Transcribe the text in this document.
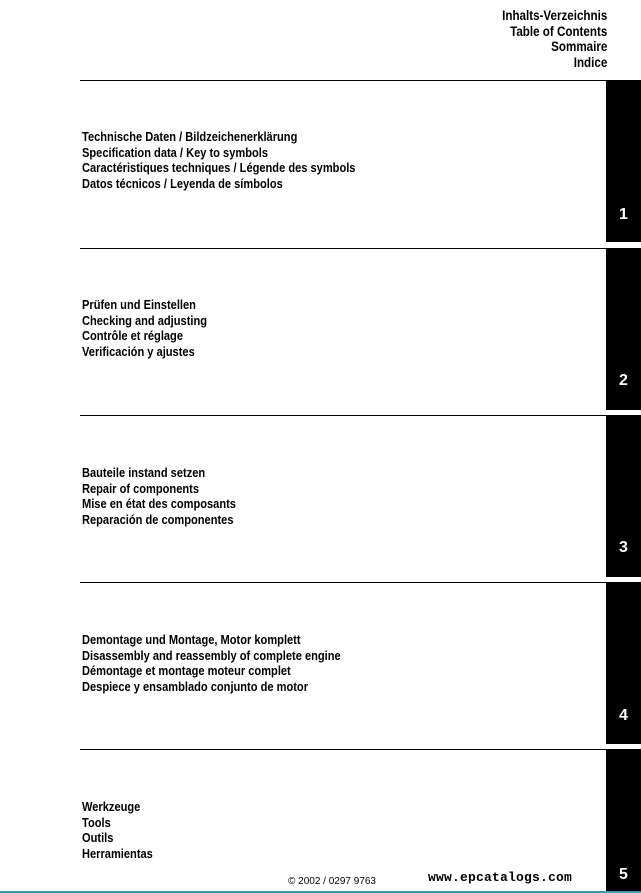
Inhalts-Verzeichnis
Table of Contents
Sommaire
Indice
1
Technische Daten / Bildzeichenerklärung
Specification data / Key to symbols
Caractéristiques techniques / Légende des symbols
Datos técnicos / Leyenda de símbolos
2
Prüfen und Einstellen
Checking and adjusting
Contrôle et réglage
Verificación y ajustes
3
Bauteile instand setzen
Repair of components
Mise en état des composants
Reparación de componentes
4
Demontage und Montage, Motor komplett
Disassembly and reassembly of complete engine
Démontage et montage moteur complet
Despiece y ensamblado conjunto de motor
5
Werkzeuge
Tools
Outils
Herramientas
© 2002 / 0297 9763	www.epcatalogs.com
